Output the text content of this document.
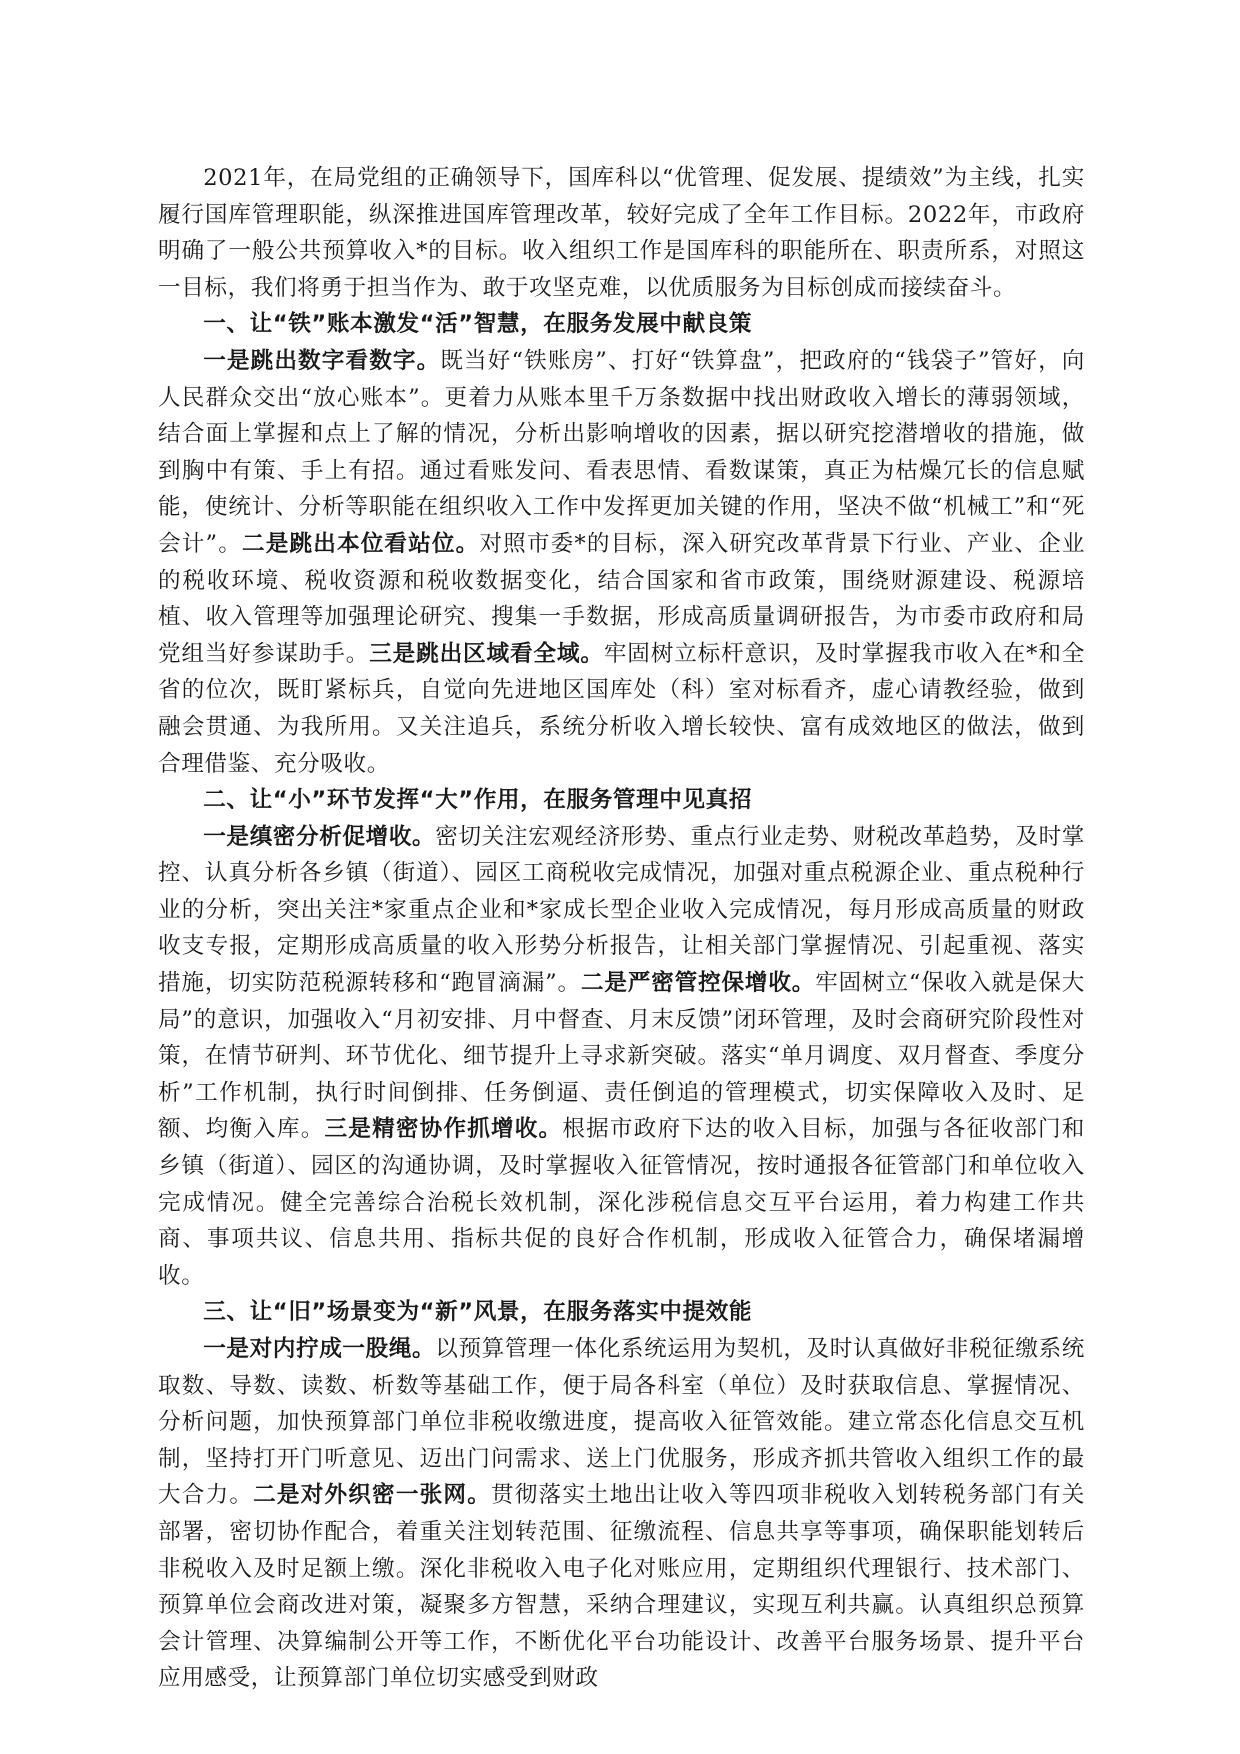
2021年，在局党组的正确领导下，国库科以“优管理、促发展、提绩效”为主线，扎实履行国库管理职能，纵深推进国库管理改革，较好完成了全年工作目标。2022年，市政府明确了一般公共预算收入*的目标。收入组织工作是国库科的职能所在、职责所系，对照这一目标，我们将勇于担当作为、敢于攻坚克难，以优质服务为目标创成而接续奋斗。

一、让“铁”账本激发“活”智慧，在服务发展中献良策

一是跳出数字看数字。既当好“铁账房”、打好“铁算盘”，把政府的“钱袋子”管好，向人民群众交出“放心账本”。更着力从账本里千万条数据中找出财政收入增长的薄弱领域，结合面上掌握和点上了解的情况，分析出影响增收的因素，据以研究挖潜增收的措施，做到胸中有策、手上有招。通过看账发问、看表思情、看数谋策，真正为枯燥冗长的信息赋能，使统计、分析等职能在组织收入工作中发挥更加关键的作用，坚决不做“机械工”和“死会计”。二是跳出本位看站位。对照市委*的目标，深入研究改革背景下行业、产业、企业的税收环境、税收资源和税收数据变化，结合国家和省市政策，围绕财源建设、税源培植、收入管理等加强理论研究、搜集一手数据，形成高质量调研报告，为市委市政府和局党组当好参谋助手。三是跳出区域看全域。牢固树立标杆意识，及时掌握我市收入在*和全省的位次，既盯紧标兵，自觉向先进地区国库处（科）室对标看齐，虚心请教经验，做到融会贯通、为我所用。又关注追兵，系统分析收入增长较快、富有成效地区的做法，做到合理借鉴、充分吸收。

二、让“小”环节发挥“大”作用，在服务管理中见真招

一是缜密分析促增收。密切关注宏观经济形势、重点行业走势、财税改革趋势，及时掌控、认真分析各乡镇（街道）、园区工商税收完成情况，加强对重点税源企业、重点税种行业的分析，突出关注*家重点企业和*家成长型企业收入完成情况，每月形成高质量的财政收支专报，定期形成高质量的收入形势分析报告，让相关部门掌握情况、引起重视、落实措施，切实防范税源转移和“跑冒滴漏”。二是严密管控保增收。牢固树立“保收入就是保大局”的意识，加强收入“月初安排、月中督查、月末反馈”闭环管理，及时会商研究阶段性对策，在情节研判、环节优化、细节提升上寻求新突破。落实“单月调度、双月督查、季度分析”工作机制，执行时间倒排、任务倒逼、责任倒追的管理模式，切实保障收入及时、足额、均衡入库。三是精密协作抓增收。根据市政府下达的收入目标，加强与各征收部门和乡镇（街道）、园区的沟通协调，及时掌握收入征管情况，按时通报各征管部门和单位收入完成情况。健全完善综合治税长效机制，深化涉税信息交互平台运用，着力构建工作共商、事项共议、信息共用、指标共促的良好合作机制，形成收入征管合力，确保堵漏增收。

三、让“旧”场景变为“新”风景，在服务落实中提效能

一是对内拧成一股绳。以预算管理一体化系统运用为契机，及时认真做好非税征缴系统取数、导数、读数、析数等基础工作，便于局各科室（单位）及时获取信息、掌握情况、分析问题，加快预算部门单位非税收缴进度，提高收入征管效能。建立常态化信息交互机制，坚持打开门听意见、迈出门问需求、送上门优服务，形成齐抓共管收入组织工作的最大合力。二是对外织密一张网。贯彻落实土地出让收入等四项非税收入划转税务部门有关部署，密切协作配合，着重关注划转范围、征缴流程、信息共享等事项，确保职能划转后非税收入及时足额上缴。深化非税收入电子化对账应用，定期组织代理银行、技术部门、预算单位会商改进对策，凝聚多方智慧，采纳合理建议，实现互利共赢。认真组织总预算会计管理、决算编制公开等工作，不断优化平台功能设计、改善平台服务场景、提升平台应用感受，让预算部门单位切实感受到财政
